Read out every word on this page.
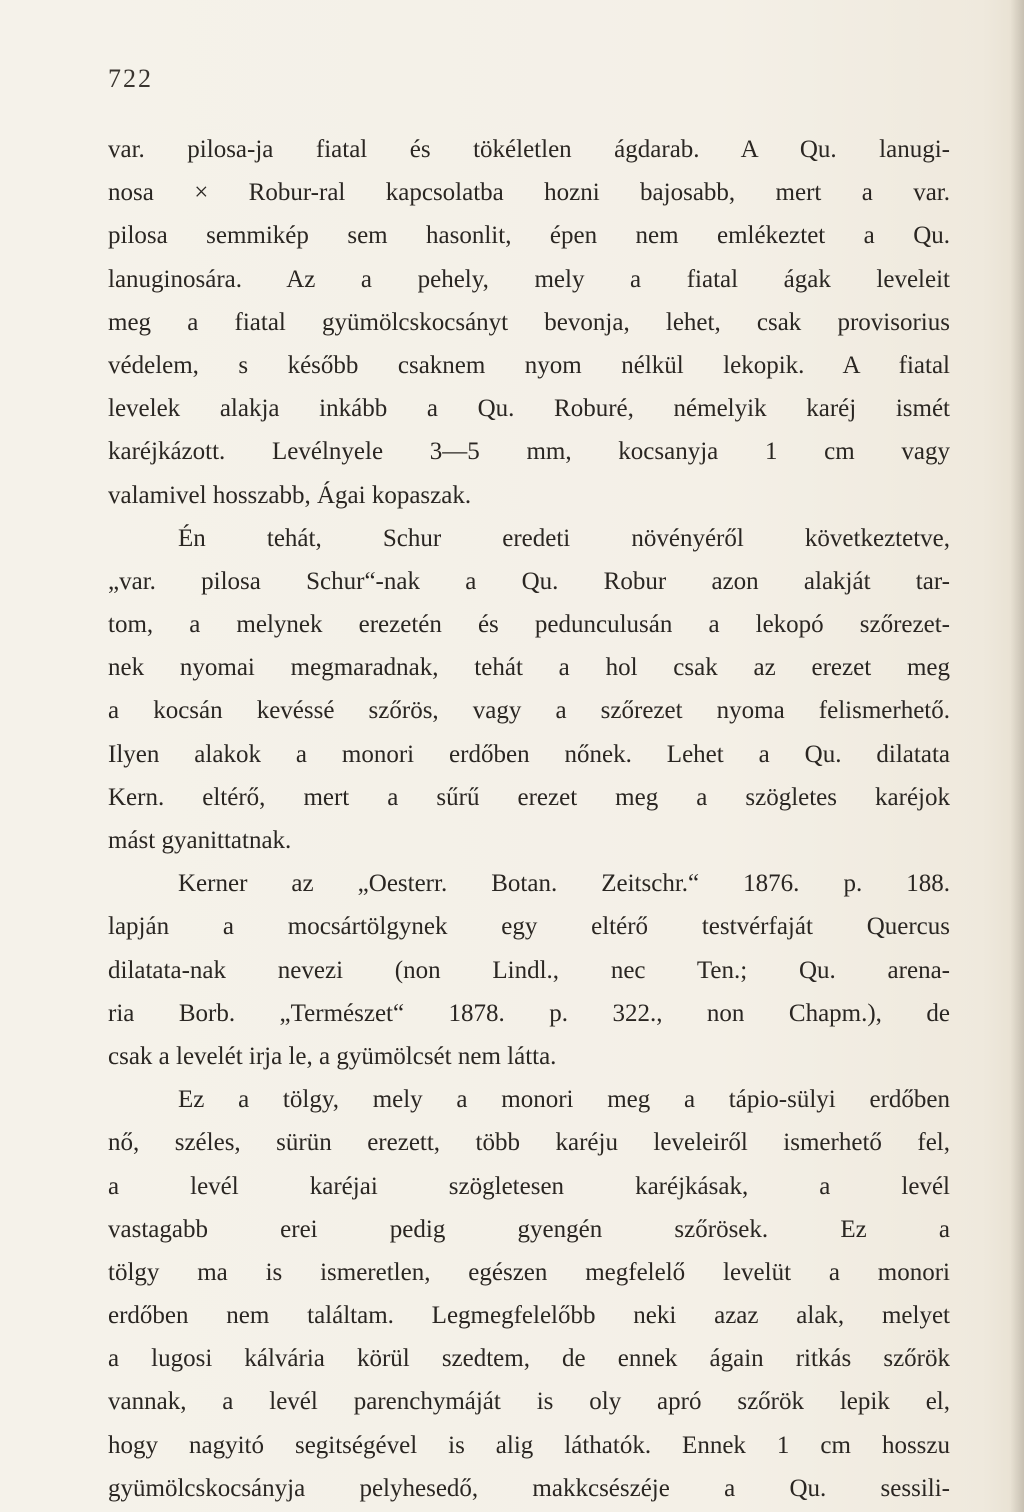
722
var. pilosa-ja fiatal és tökéletlen ágdarab. A Qu. lanugi-
nosa × Robur-ral kapcsolatba hozni bajosabb, mert a var.
pilosa semmikép sem hasonlit, épen nem emlékeztet a Qu.
lanuginosára. Az a pehely, mely a fiatal ágak leveleit
meg a fiatal gyümölcskocsányt bevonja, lehet, csak provisorius
védelem, s később csaknem nyom nélkül lekopik. A fiatal
levelek alakja inkább a Qu. Roburé, némelyik karéj ismét
karéjkázott. Levélnyele 3—5 mm, kocsanyja 1 cm vagy
valamivel hosszabb, Ágai kopaszak.
Én tehát, Schur eredeti növényéről következtetve,
„var. pilosa Schur“-nak a Qu. Robur azon alakját tar-
tom, a melynek erezetén és pedunculusán a lekopó szőrezet-
nek nyomai megmaradnak, tehát a hol csak az erezet meg
a kocsán kevéssé szőrös, vagy a szőrezet nyoma felismerhető.
Ilyen alakok a monori erdőben nőnek. Lehet a Qu. dilatata
Kern. eltérő, mert a sűrű erezet meg a szögletes karéjok
mást gyanittatnak.
Kerner az „Oesterr. Botan. Zeitschr.“ 1876. p. 188.
lapján a mocsártölgynek egy eltérő testvérfaját Quercus
dilatata-nak nevezi (non Lindl., nec Ten.; Qu. arena-
ria Borb. „Természet“ 1878. p. 322., non Chapm.), de
csak a levelét irja le, a gyümölcsét nem látta.
Ez a tölgy, mely a monori meg a tápio-sülyi erdőben
nő, széles, sürün erezett, több karéju leveleiről ismerhető fel,
a levél karéjai szögletesen karéjkásak, a levél
vastagabb erei pedig gyengén szőrösek. Ez a
tölgy ma is ismeretlen, egészen megfelelő levelüt a monori
erdőben nem találtam. Legmegfelelőbb neki azaz alak, melyet
a lugosi kálvária körül szedtem, de ennek ágain ritkás szőrök
vannak, a levél parenchymáját is oly apró szőrök lepik el,
hogy nagyitó segitségével is alig láthatók. Ennek 1 cm hosszu
gyümölcskocsányja pelyhesedő, makkcsészéje a Qu. sessili-
